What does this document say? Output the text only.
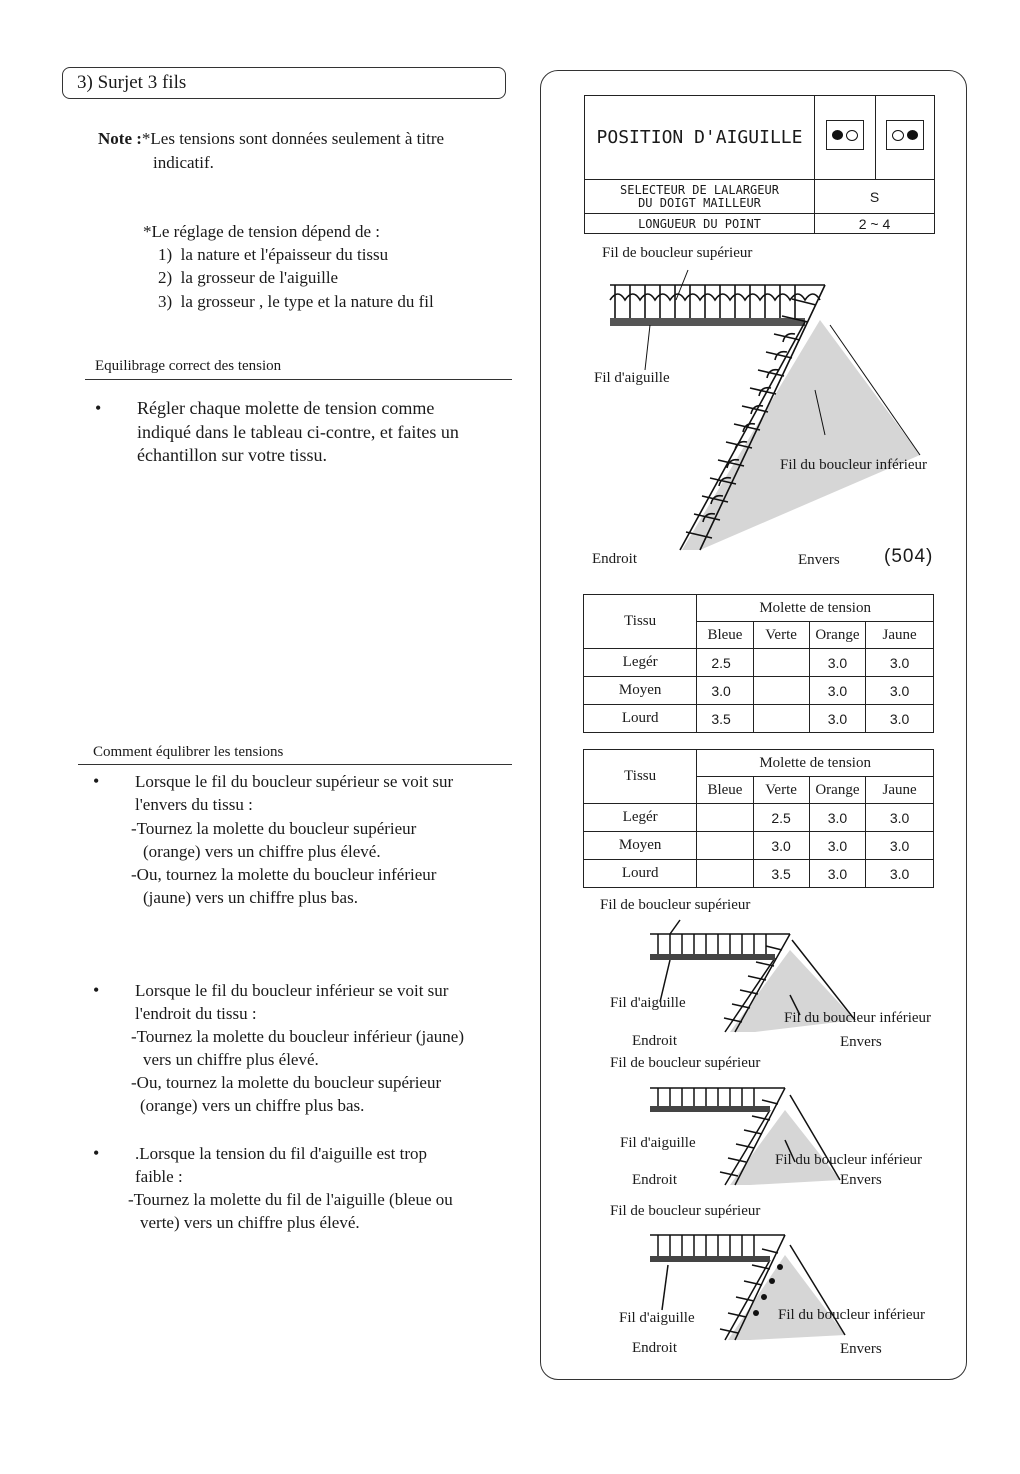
3) Surjet 3 fils
Note :*Les tensions sont données seulement à titre
indicatif.
*Le réglage de tension dépend de :
1) la nature et l'épaisseur du tissu
2) la grosseur de l'aiguille
3) la grosseur , le type et la nature du fil
Equilibrage correct des tension
• Régler chaque molette de tension comme
indiqué dans le tableau ci-contre, et faites un
échantillon sur votre tissu.
Comment équlibrer les tensions
• Lorsque le fil du boucleur supérieur se voit sur
l'envers du tissu :
-Tournez la molette du boucleur supérieur
(orange) vers un chiffre plus élevé.
-Ou, tournez la molette du boucleur inférieur
(jaune) vers un chiffre plus bas.
• Lorsque le fil du boucleur inférieur se voit sur
l'endroit du tissu :
-Tournez la molette du boucleur inférieur (jaune)
vers un chiffre plus élevé.
-Ou, tournez la molette du boucleur supérieur
(orange) vers un chiffre plus bas.
• .Lorsque la tension du fil d'aiguille est trop
faible :
-Tournez la molette du fil de l'aiguille (bleue ou
verte) vers un chiffre plus élevé.
POSITION D'AIGUILLE	

SELECTEUR DE LALARGEUR
DU DOIGT MAILLEUR	S	
LONGUEUR DU POINT	2 ~ 4	
Fil de boucleur supérieur
Fil d'aiguille
Fil du boucleur inférieur
Endroit	Envers (504)
Tissu	Molette de tension			
	Bleue	Verte	Orange	Jaune
Legér	2.5		3.0	3.0
Moyen	3.0		3.0	3.0
Lourd	3.5		3.0	3.0
Tissu	Molette de tension			
	Bleue	Verte	Orange	Jaune
Legér		2.5	3.0	3.0
Moyen		3.0	3.0	3.0
Lourd		3.5	3.0	3.0
Fil de boucleur supérieur
Fil d'aiguille
Fil du boucleur inférieur
Endroit	Envers
Fil de boucleur supérieur
Fil d'aiguille
Fil du boucleur inférieur
Endroit	Envers
Fil de boucleur supérieur
Fil d'aiguille	Fil du boucleur inférieur
Endroit	Envers
